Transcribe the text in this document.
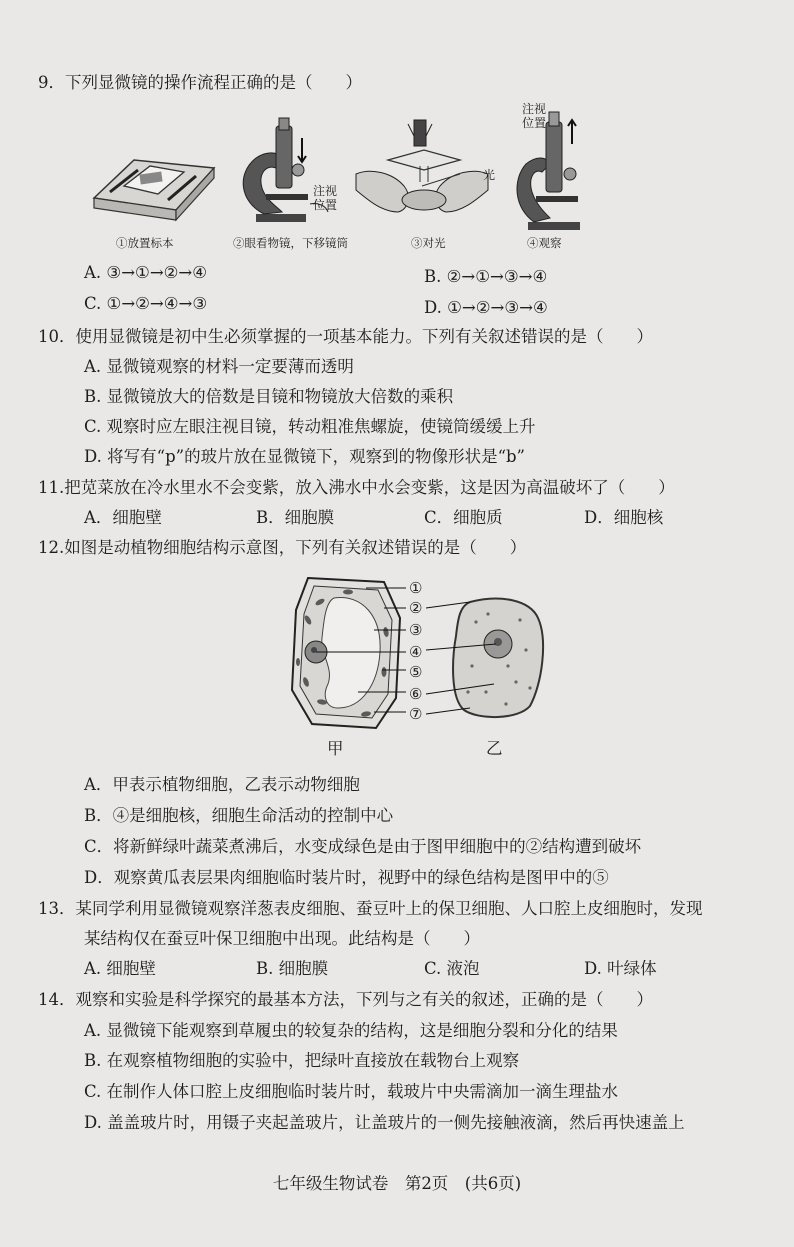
9．下列显微镜的操作流程正确的是（　　）
注视
位置
光
注视
位置
①放置标本	②眼看物镜，下移镜筒	③对光	④观察
A. ③→①→②→④	B. ②→①→③→④
C. ①→②→④→③	D. ①→②→③→④
10．使用显微镜是初中生必须掌握的一项基本能力。下列有关叙述错误的是（　　）
A. 显微镜观察的材料一定要薄而透明
B. 显微镜放大的倍数是目镜和物镜放大倍数的乘积
C. 观察时应左眼注视目镜，转动粗准焦螺旋，使镜筒缓缓上升
D. 将写有“p”的玻片放在显微镜下，观察到的物像形状是“b”
11.把苋菜放在冷水里水不会变紫，放入沸水中水会变紫，这是因为高温破坏了（　　）
A．细胞壁	B．细胞膜	C．细胞质	D．细胞核
12.如图是动植物细胞结构示意图，下列有关叙述错误的是（　　）
①
②
③
④
⑤
⑥
⑦
甲	乙
A．甲表示植物细胞，乙表示动物细胞
B．④是细胞核，细胞生命活动的控制中心
C．将新鲜绿叶蔬菜煮沸后，水变成绿色是由于图甲细胞中的②结构遭到破坏
D．观察黄瓜表层果肉细胞临时装片时，视野中的绿色结构是图甲中的⑤
13．某同学利用显微镜观察洋葱表皮细胞、蚕豆叶上的保卫细胞、人口腔上皮细胞时，发现
某结构仅在蚕豆叶保卫细胞中出现。此结构是（　　）
A. 细胞壁	B. 细胞膜	C. 液泡	D. 叶绿体
14．观察和实验是科学探究的最基本方法，下列与之有关的叙述，正确的是（　　）
A. 显微镜下能观察到草履虫的较复杂的结构，这是细胞分裂和分化的结果
B. 在观察植物细胞的实验中，把绿叶直接放在载物台上观察
C. 在制作人体口腔上皮细胞临时装片时，载玻片中央需滴加一滴生理盐水
D. 盖盖玻片时，用镊子夹起盖玻片，让盖玻片的一侧先接触液滴，然后再快速盖上
七年级生物试卷　第2页　(共6页)
